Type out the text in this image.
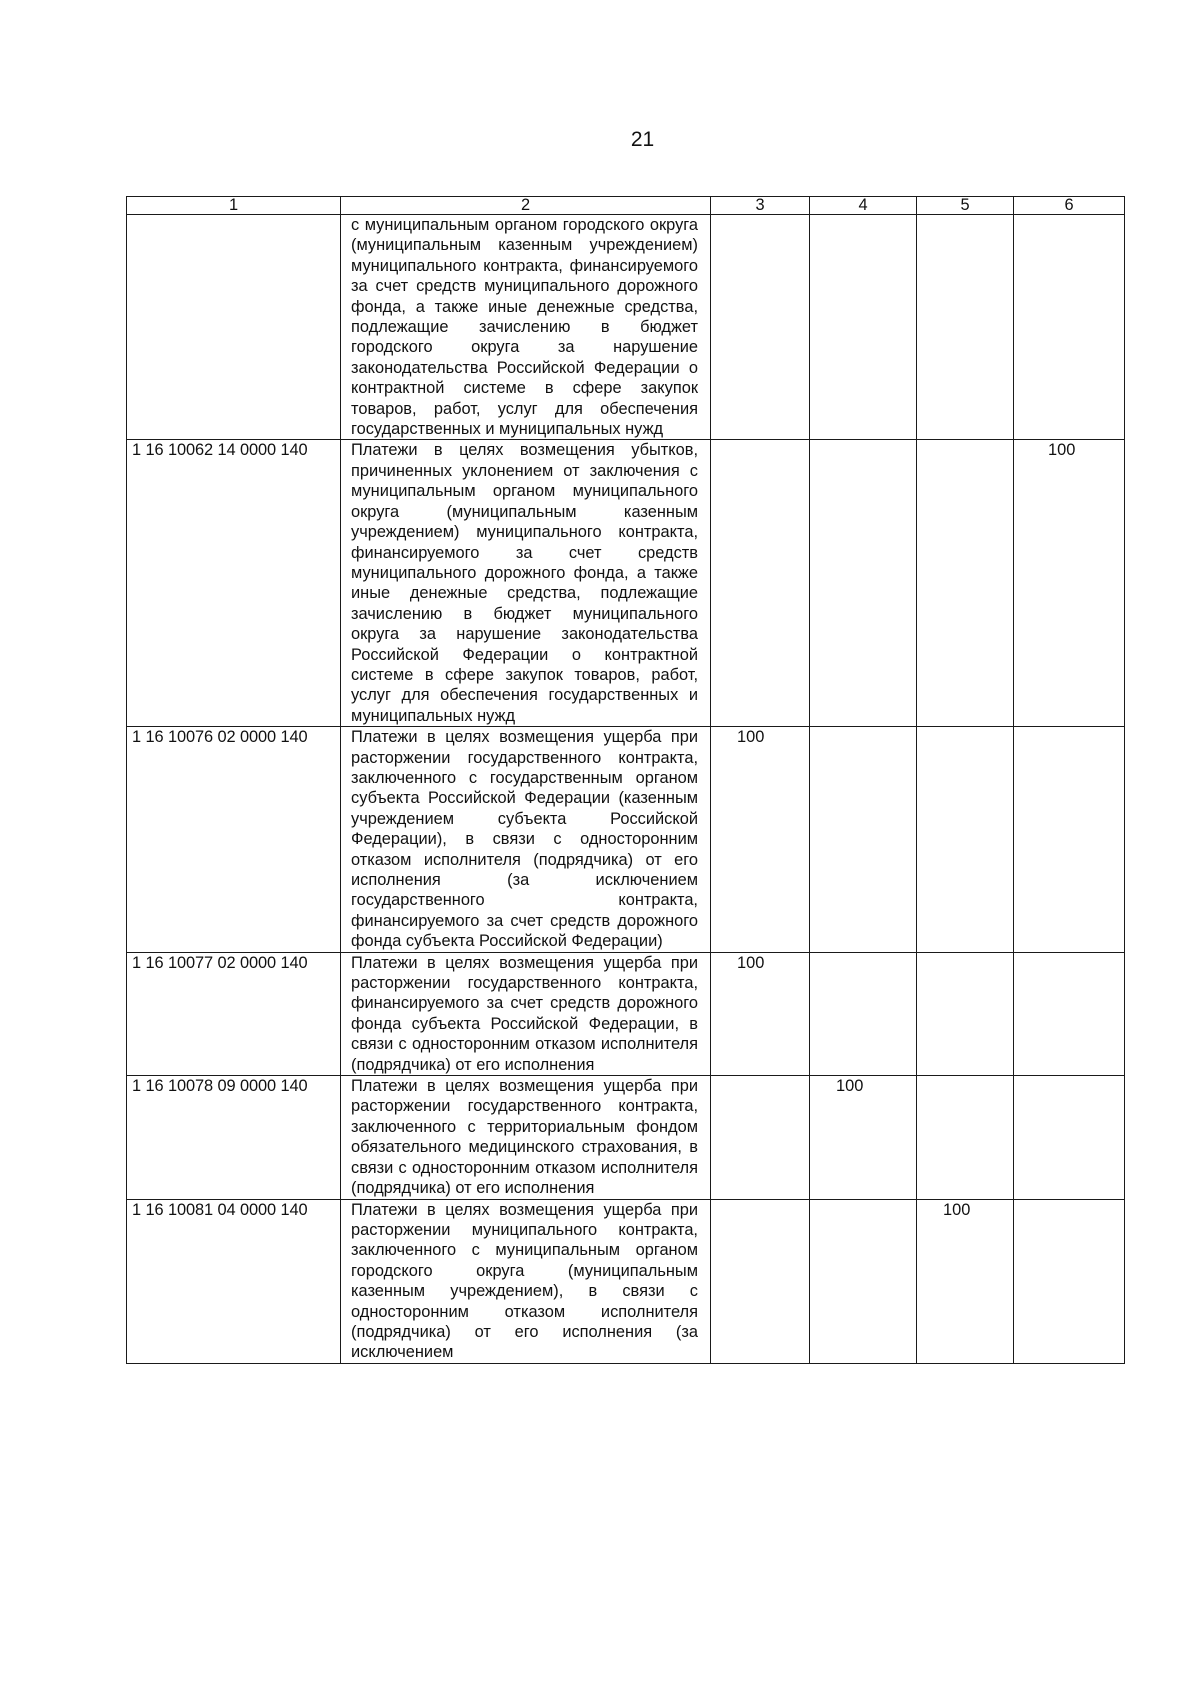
21
1	2	3	4	5	6
	с муниципальным органом городского округа (муниципальным казенным учреждением) муниципального контракта, финансируемого за счет средств муниципального дорожного фонда, а также иные денежные средства, подлежащие зачислению в бюджет городского округа за нарушение законодательства Российской Федерации о контрактной системе в сфере закупок товаров, работ, услуг для обеспечения государственных и муниципальных нужд				
1 16 10062 14 0000 140	Платежи в целях возмещения убытков, причиненных уклонением от заключения с муниципальным органом муниципального округа (муниципальным казенным учреждением) муниципального контракта, финансируемого за счет средств муниципального дорожного фонда, а также иные денежные средства, подлежащие зачислению в бюджет муниципального округа за нарушение законодательства Российской Федерации о контрактной системе в сфере закупок товаров, работ, услуг для обеспечения государственных и муниципальных нужд				100
1 16 10076 02 0000 140	Платежи в целях возмещения ущерба при расторжении государственного контракта, заключенного с государственным органом субъекта Российской Федерации (казенным учреждением субъекта Российской Федерации), в связи с односторонним отказом исполнителя (подрядчика) от его исполнения (за исключением государственного контракта, финансируемого за счет средств дорожного фонда субъекта Российской Федерации)	100			
1 16 10077 02 0000 140	Платежи в целях возмещения ущерба при расторжении государственного контракта, финансируемого за счет средств дорожного фонда субъекта Российской Федерации, в связи с односторонним отказом исполнителя (подрядчика) от его исполнения	100			
1 16 10078 09 0000 140	Платежи в целях возмещения ущерба при расторжении государственного контракта, заключенного с территориальным фондом обязательного медицинского страхования, в связи с односторонним отказом исполнителя (подрядчика) от его исполнения		100		
1 16 10081 04 0000 140	Платежи в целях возмещения ущерба при расторжении муниципального контракта, заключенного с муниципальным органом городского округа (муниципальным казенным учреждением), в связи с односторонним отказом исполнителя (подрядчика) от его исполнения (за исключением			100	
